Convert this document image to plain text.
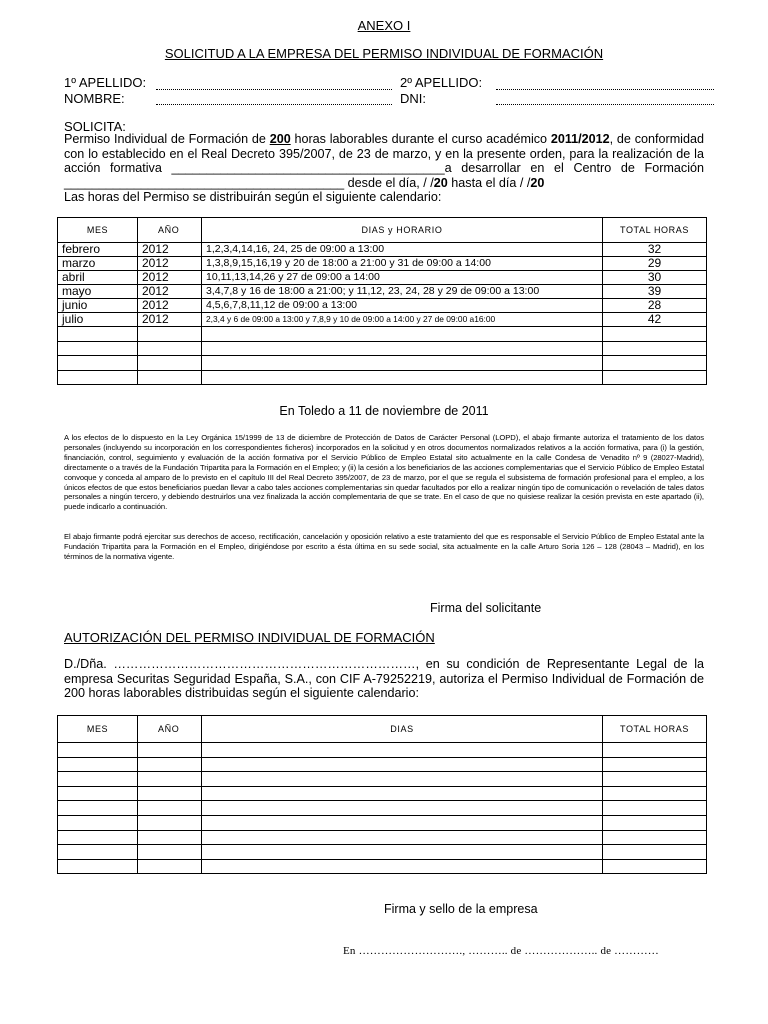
ANEXO I
SOLICITUD A LA EMPRESA DEL PERMISO INDIVIDUAL DE FORMACIÓN
1º APELLIDO:	2º APELLIDO:
NOMBRE:	DNI:
SOLICITA:
Permiso Individual de Formación de 200 horas laborables durante el curso académico 2011/2012, de conformidad con lo establecido en el Real Decreto 395/2007, de 23 de marzo, y en la presente orden, para la realización de la acción formativa _______________________________________a desarrollar en el Centro de Formación ________________________________________ desde el día, / /20 hasta el día / /20
Las horas del Permiso se distribuirán según el siguiente calendario:
MES	AÑO	DIAS y HORARIO	TOTAL HORAS
febrero	2012	1,2,3,4,14,16, 24, 25 de 09:00 a 13:00	32
marzo	2012	1,3,8,9,15,16,19 y 20 de 18:00 a 21:00 y 31 de 09:00 a 14:00	29
abril	2012	10,11,13,14,26 y 27 de 09:00 a 14:00	30
mayo	2012	3,4,7,8 y 16 de 18:00 a 21:00; y 11,12, 23, 24, 28 y 29 de 09:00 a 13:00	39
junio	2012	4,5,6,7,8,11,12 de 09:00 a 13:00	28
julio	2012	2,3,4 y 6 de 09:00 a 13:00 y 7,8,9 y 10 de 09:00 a 14:00 y 27 de 09:00 a16:00	42

En Toledo a 11 de noviembre de 2011
A los efectos de lo dispuesto en la Ley Orgánica 15/1999 de 13 de diciembre de Protección de Datos de Carácter Personal (LOPD), el abajo firmante autoriza el tratamiento de los datos personales (incluyendo su incorporación en los correspondientes ficheros) incorporados en la solicitud y en otros documentos normalizados relativos a la acción formativa, para (i) la gestión, financiación, control, seguimiento y evaluación de la acción formativa por el Servicio Público de Empleo Estatal sito actualmente en la calle Condesa de Venadito nº 9 (28027-Madrid), directamente o a través de la Fundación Tripartita para la Formación en el Empleo; y (ii) la cesión a los beneficiarios de las acciones complementarias que el Servicio Público de Empleo Estatal convoque y conceda al amparo de lo previsto en el capítulo III del Real Decreto 395/2007, de 23 de marzo, por el que se regula el subsistema de formación profesional para el empleo, a los únicos efectos de que estos beneficiarios puedan llevar a cabo tales acciones complementarias sin quedar facultados por ello a realizar ningún tipo de comunicación o revelación de tales datos personales a ningún tercero, y debiendo destruirlos una vez finalizada la acción complementaria de que se trate. En el caso de que no quisiese realizar la cesión prevista en este apartado (ii), puede indicarlo a continuación.
El abajo firmante podrá ejercitar sus derechos de acceso, rectificación, cancelación y oposición relativo a este tratamiento del que es responsable el Servicio Público de Empleo Estatal ante la Fundación Tripartita para la Formación en el Empleo, dirigiéndose por escrito a ésta última en su sede social, sita actualmente en la calle Arturo Soria 126 – 128 (28043 – Madrid), en los términos de la normativa vigente.
Firma del solicitante
AUTORIZACIÓN DEL PERMISO INDIVIDUAL DE FORMACIÓN
D./Dña. ………………………………………………………………, en su condición de Representante Legal de la empresa Securitas Seguridad España, S.A., con CIF A-79252219, autoriza el Permiso Individual de Formación de 200 horas laborables distribuidas según el siguiente calendario:
MES	AÑO	DIAS	TOTAL HORAS

Firma y sello de la empresa
En ………………………., ……….. de ……………….. de …………
